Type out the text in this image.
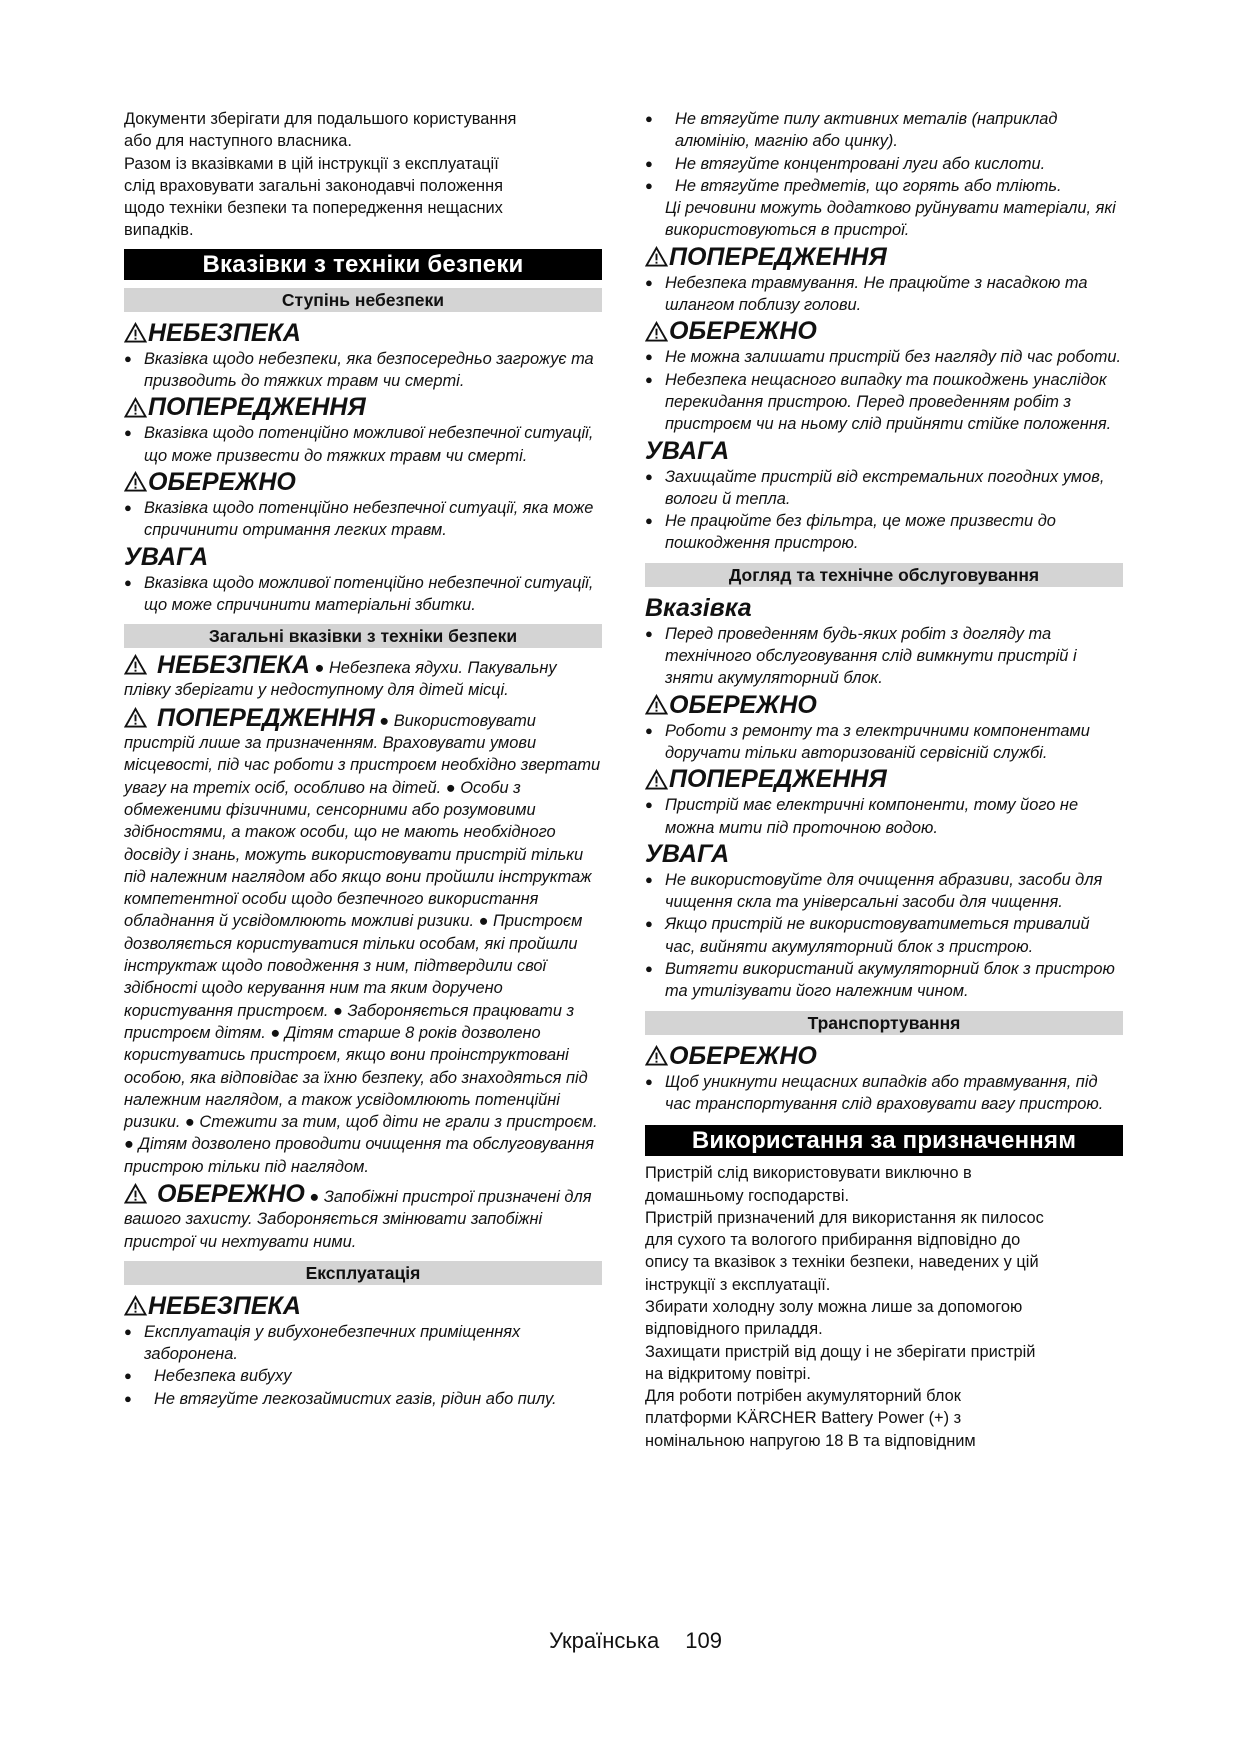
Документи зберігати для подальшого користування

або для наступного власника.

Разом із вказівками в цій інструкції з експлуатації

слід враховувати загальні законодавчі положення

щодо техніки безпеки та попередження нещасних

випадків.

Вказівки з техніки безпеки
Ступінь небезпеки
НЕБЕЗПЕКА
● Вказівка щодо небезпеки, яка безпосередньо загрожує та призводить до тяжких травм чи смерті.
ПОПЕРЕДЖЕННЯ
● Вказівка щодо потенційно можливої небезпечної ситуації, що може призвести до тяжких травм чи смерті.
ОБЕРЕЖНО
● Вказівка щодо потенційно небезпечної ситуації, яка може спричинити отримання легких травм.
УВАГА
● Вказівка щодо можливої потенційно небезпечної ситуації, що може спричинити матеріальні збитки.
Загальні вказівки з техніки безпеки

НЕБЕЗПЕКА ● Небезпека ядухи. Пакувальну плівку зберігати у недоступному для дітей місці.

ПОПЕРЕДЖЕННЯ ● Використовувати пристрій лише за призначенням. Враховувати умови місцевості, під час роботи з пристроєм необхідно звертати увагу на третіх осіб, особливо на дітей. ● Особи з обмеженими фізичними, сенсорними або розумовими здібностями, а також особи, що не мають необхідного досвіду і знань, можуть використовувати пристрій тільки під належним наглядом або якщо вони пройшли інструктаж компетентної особи щодо безпечного використання обладнання й усвідомлюють можливі ризики. ● Пристроєм дозволяється користуватися тільки особам, які пройшли інструктаж щодо поводження з ним, підтвердили свої здібності щодо керування ним та яким доручено користування пристроєм. ● Забороняється працювати з пристроєм дітям. ● Дітям старше 8 років дозволено користуватись пристроєм, якщо вони проінструктовані особою, яка відповідає за їхню безпеку, або знаходяться під належним наглядом, а також усвідомлюють потенційні ризики. ● Стежити за тим, щоб діти не грали з пристроєм. ● Дітям дозволено проводити очищення та обслуговування пристрою тільки під наглядом.

ОБЕРЕЖНО ● Запобіжні пристрої призначені для вашого захисту. Забороняється змінювати запобіжні пристрої чи нехтувати ними.

Експлуатація
НЕБЕЗПЕКА
● Експлуатація у вибухонебезпечних приміщеннях заборонена.
●	Небезпека вибуху
●	Не втягуйте легкозаймистих газів, рідин або пилу.
●	Не втягуйте пилу активних металів (наприклад алюмінію, магнію або цинку).
●	Не втягуйте концентровані луги або кислоти.
●	Не втягуйте предметів, що горять або тліють.

Ці речовини можуть додатково руйнувати матеріали, які використовуються в пристрої.

ПОПЕРЕДЖЕННЯ
● Небезпека травмування. Не працюйте з насадкою та шлангом поблизу голови.
ОБЕРЕЖНО
● Не можна залишати пристрій без нагляду під час роботи.
● Небезпека нещасного випадку та пошкоджень унаслідок перекидання пристрою. Перед проведенням робіт з пристроєм чи на ньому слід прийняти стійке положення.
УВАГА
● Захищайте пристрій від екстремальних погодних умов, вологи й тепла.
● Не працюйте без фільтра, це може призвести до пошкодження пристрою.
Догляд та технічне обслуговування
Вказівка
● Перед проведенням будь-яких робіт з догляду та технічного обслуговування слід вимкнути пристрій і зняти акумуляторний блок.
ОБЕРЕЖНО
● Роботи з ремонту та з електричними компонентами доручати тільки авторизованій сервісній службі.
ПОПЕРЕДЖЕННЯ
● Пристрій має електричні компоненти, тому його не можна мити під проточною водою.
УВАГА
● Не використовуйте для очищення абразиви, засоби для чищення скла та універсальні засоби для чищення.
● Якщо пристрій не використовуватиметься тривалий час, вийняти акумуляторний блок з пристрою.
● Витягти використаний акумуляторний блок з пристрою та утилізувати його належним чином.
Транспортування
ОБЕРЕЖНО
● Щоб уникнути нещасних випадків або травмування, під час транспортування слід враховувати вагу пристрою.
Використання за призначенням

Пристрій слід використовувати виключно в

домашньому господарстві.

Пристрій призначений для використання як пилосос

для сухого та вологого прибирання відповідно до

опису та вказівок з техніки безпеки, наведених у цій

інструкції з експлуатації.

Збирати холодну золу можна лише за допомогою

відповідного приладдя.

Захищати пристрій від дощу і не зберігати пристрій

на відкритому повітрі.

Для роботи потрібен акумуляторний блок

платформи KÄRCHER Battery Power (+) з

номінальною напругою 18 В та відповідним

Українська 109
